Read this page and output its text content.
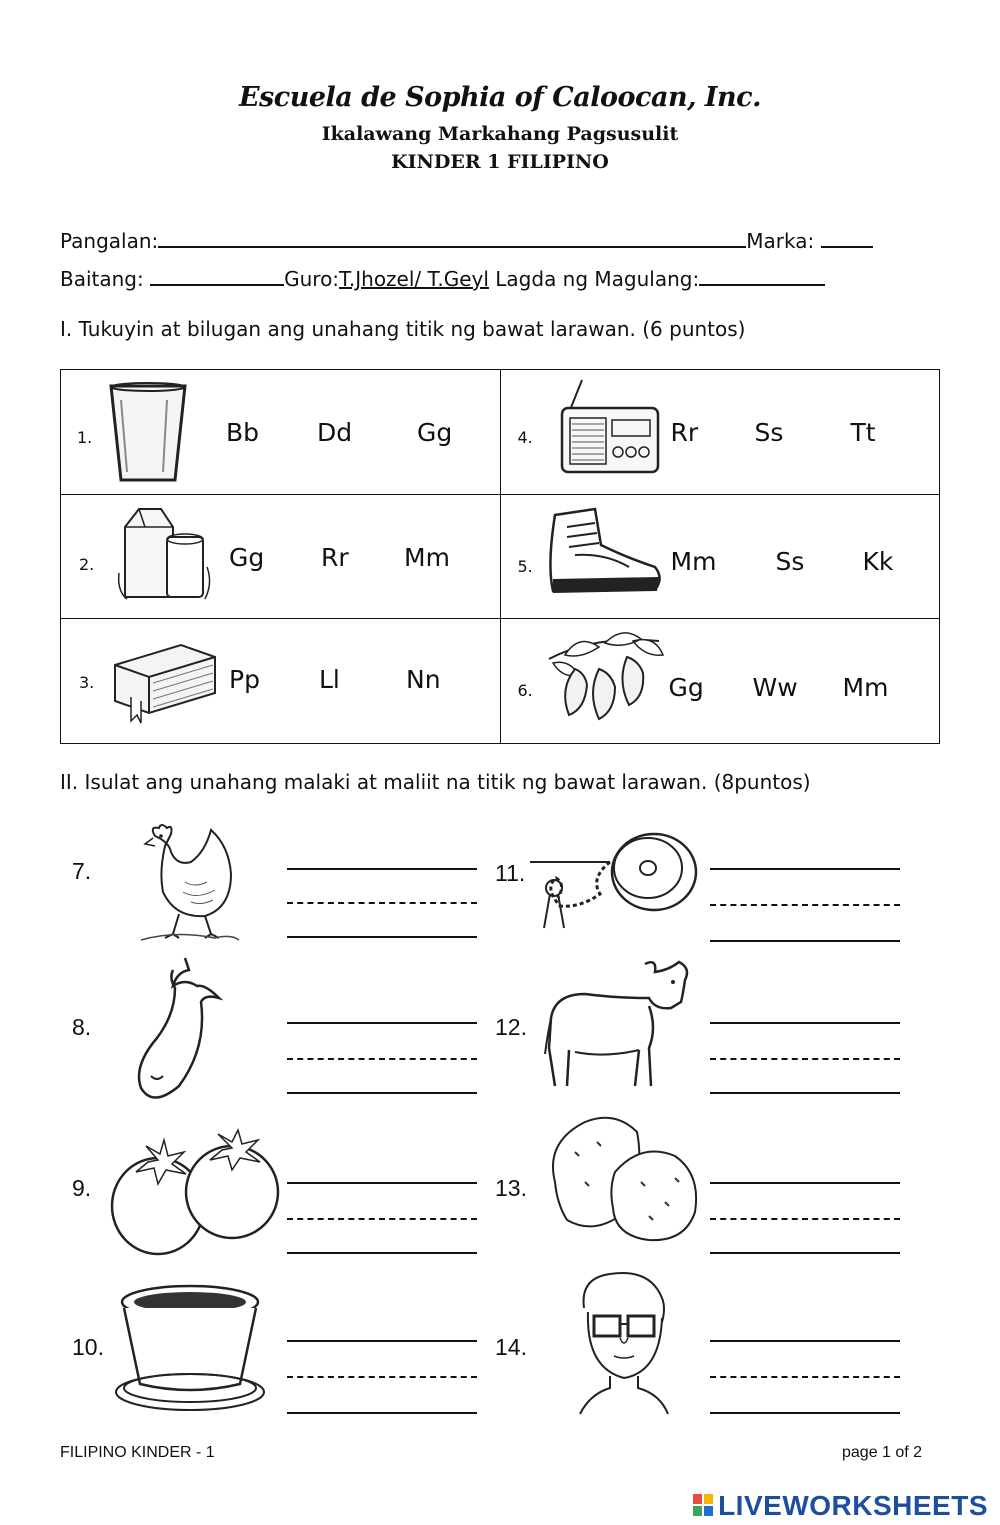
Escuela de Sophia of Caloocan, Inc.
Ikalawang Markahang Pagsusulit
KINDER 1 FILIPINO
Pangalan:	Marka:
Baitang:	Guro:T.Jhozel/ T.Geyl Lagda ng Magulang:
I. Tukuyin at bilugan ang unahang titik ng bawat larawan. (6 puntos)
1. Bb Dd Gg	4. Rr Ss Tt

2. Gg Rr Mm	5. Mm Ss Kk

3. Pp Ll Nn	6. Gg Ww Mm
II. Isulat ang unahang malaki at maliit na titik ng bawat larawan. (8puntos)
7.	11.
8.	12.
9.	13.
10.	14.
FILIPINO KINDER - 1	page 1 of 2
LIVEWORKSHEETS
